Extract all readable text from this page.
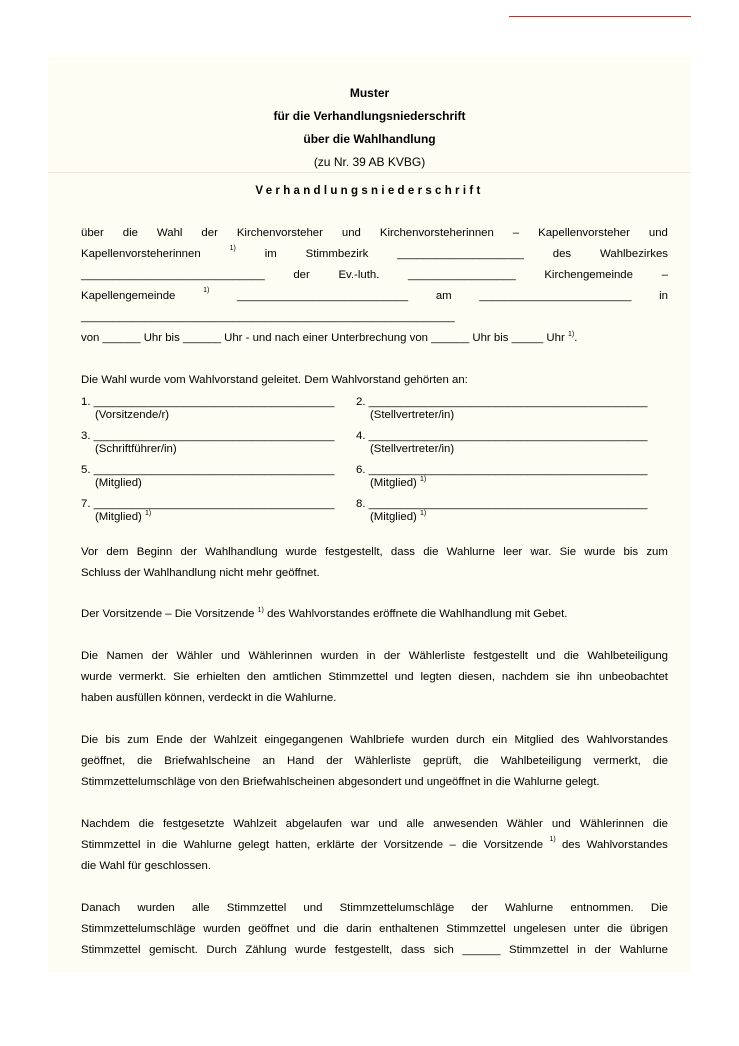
Muster
für die Verhandlungsniederschrift
über die Wahlhandlung
(zu Nr. 39 AB KVBG)
Verhandlungsniederschrift
über die Wahl der Kirchenvorsteher und Kirchenvorsteherinnen – Kapellenvorsteher und
Kapellenvorsteherinnen	1)	im	Stimmbezirk	____________________	des	Wahlbezirkes
_____________________________	der	Ev.-luth.	_________________	Kirchengemeinde	–
Kapellengemeinde	1) ___________________________ am ________________________ in
___________________________________________________________
von ______ Uhr bis ______ Uhr - und nach einer Unterbrechung von ______ Uhr bis _____ Uhr $^{1)}$.
Die Wahl wurde vom Wahlvorstand geleitet. Dem Wahlvorstand gehörten an:
1. ______________________________________
(Vorsitzende/r)
2. ____________________________________________
(Stellvertreter/in)
3. ______________________________________
(Schriftführer/in)
4. ____________________________________________
(Stellvertreter/in)
5. ______________________________________
(Mitglied)
6. ____________________________________________
(Mitglied) $^{1)}$
7. ______________________________________
(Mitglied) $^{1)}$
8. ____________________________________________
(Mitglied) $^{1)}$
Vor dem Beginn der Wahlhandlung wurde festgestellt, dass die Wahlurne leer war. Sie wurde bis zum
Schluss der Wahlhandlung nicht mehr geöffnet.
Der Vorsitzende – Die Vorsitzende $^{1)}$ des Wahlvorstandes eröffnete die Wahlhandlung mit Gebet.
Die Namen der Wähler und Wählerinnen wurden in der Wählerliste festgestellt und die Wahlbeteiligung
wurde vermerkt. Sie erhielten den amtlichen Stimmzettel und legten diesen, nachdem sie ihn unbeobachtet
haben ausfüllen können, verdeckt in die Wahlurne.
Die bis zum Ende der Wahlzeit eingegangenen Wahlbriefe wurden durch ein Mitglied des Wahlvorstandes
geöffnet, die Briefwahlscheine an Hand der Wählerliste geprüft, die Wahlbeteiligung vermerkt, die
Stimmzettelumschläge von den Briefwahlscheinen abgesondert und ungeöffnet in die Wahlurne gelegt.
Nachdem die festgesetzte Wahlzeit abgelaufen war und alle anwesenden Wähler und Wählerinnen die
Stimmzettel in die Wahlurne gelegt hatten, erklärte der Vorsitzende – die Vorsitzende 1) des Wahlvorstandes
die Wahl für geschlossen.
Danach wurden alle Stimmzettel und Stimmzettelumschläge der Wahlurne entnommen. Die
Stimmzettelumschläge wurden geöffnet und die darin enthaltenen Stimmzettel ungelesen unter die übrigen
Stimmzettel gemischt. Durch Zählung wurde festgestellt, dass sich ______ Stimmzettel in der Wahlurne
